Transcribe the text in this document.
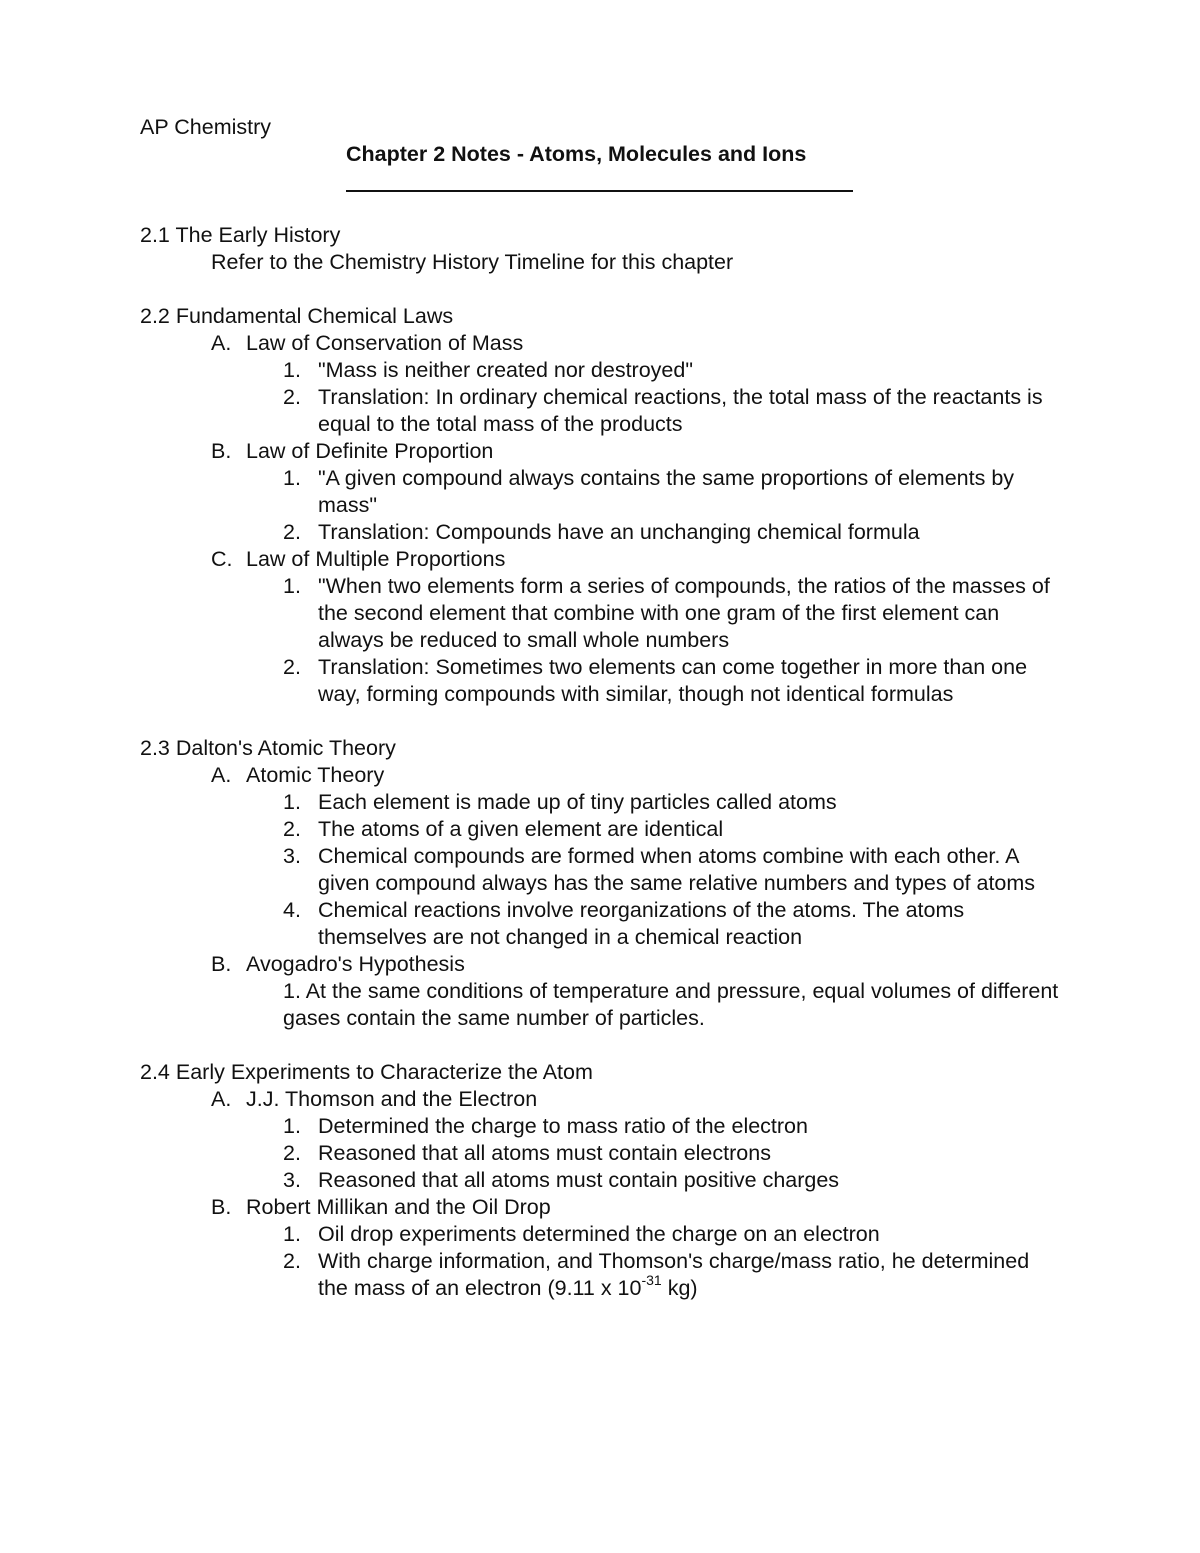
AP Chemistry
Chapter 2 Notes - Atoms, Molecules and Ions
2.1 The Early History
Refer to the Chemistry History Timeline for this chapter
2.2 Fundamental Chemical Laws
A. Law of Conservation of Mass
1. "Mass is neither created nor destroyed"
2. Translation: In ordinary chemical reactions, the total mass of the reactants is equal to the total mass of the products
B. Law of Definite Proportion
1. "A given compound always contains the same proportions of elements by mass"
2. Translation: Compounds have an unchanging chemical formula
C. Law of Multiple Proportions
1. "When two elements form a series of compounds, the ratios of the masses of the second element that combine with one gram of the first element can always be reduced to small whole numbers
2. Translation: Sometimes two elements can come together in more than one way, forming compounds with similar, though not identical formulas
2.3 Dalton's Atomic Theory
A. Atomic Theory
1. Each element is made up of tiny particles called atoms
2. The atoms of a given element are identical
3. Chemical compounds are formed when atoms combine with each other. A given compound always has the same relative numbers and types of atoms
4. Chemical reactions involve reorganizations of the atoms. The atoms themselves are not changed in a chemical reaction
B. Avogadro's Hypothesis
1. At the same conditions of temperature and pressure, equal volumes of different gases contain the same number of particles.
2.4 Early Experiments to Characterize the Atom
A. J.J. Thomson and the Electron
1. Determined the charge to mass ratio of the electron
2. Reasoned that all atoms must contain electrons
3. Reasoned that all atoms must contain positive charges
B. Robert Millikan and the Oil Drop
1. Oil drop experiments determined the charge on an electron
2. With charge information, and Thomson's charge/mass ratio, he determined the mass of an electron (9.11 x $10^{-31}$ kg)
